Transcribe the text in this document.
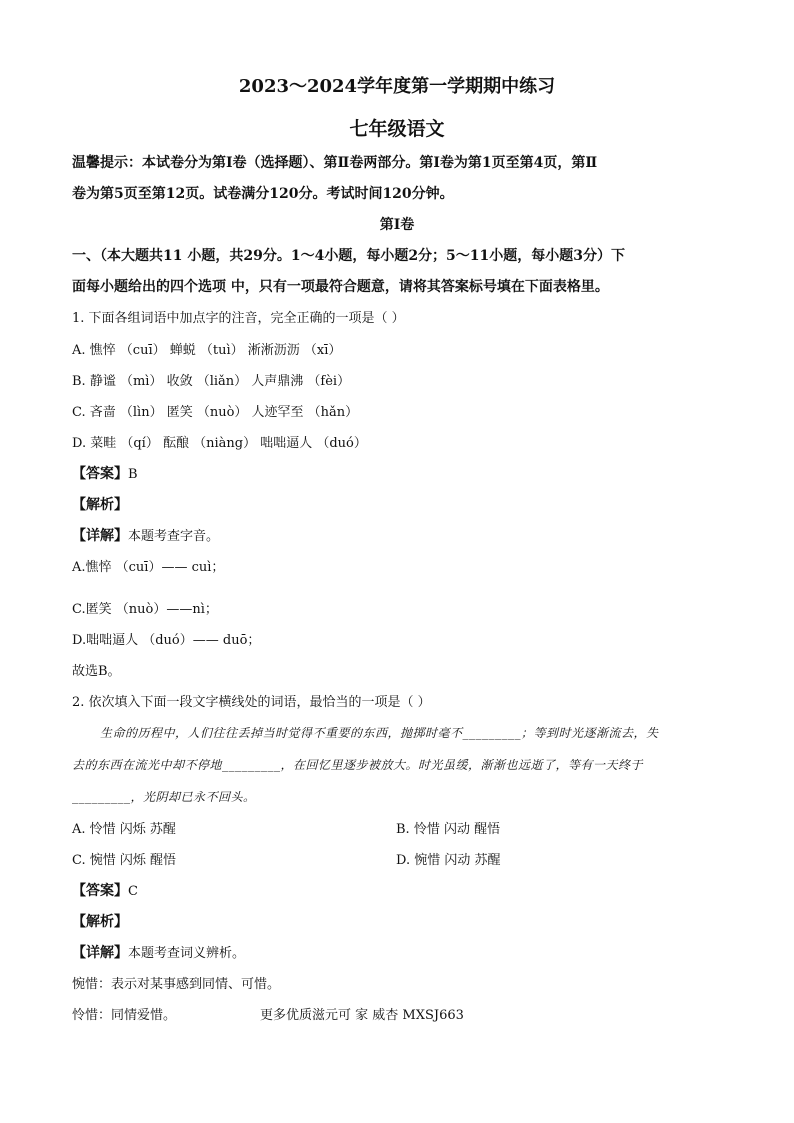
2023～2024学年度第一学期期中练习
七年级语文
温馨提示：本试卷分为第Ⅰ卷（选择题）、第Ⅱ卷两部分。第Ⅰ卷为第1页至第4页，第Ⅱ
卷为第5页至第12页。试卷满分120分。考试时间120分钟。
第Ⅰ卷
一、（本大题共11 小题，共29分。1～4小题，每小题2分；5～11小题，每小题3分）下
面每小题给出的四个选项 中，只有一项最符合题意，请将其答案标号填在下面表格里。
1. 下面各组词语中加点字的注音，完全正确的一项是（ ）
A. 憔悴 （cuī） 蝉蜕 （tuì） 淅淅沥沥 （xī）
B. 静谧 （mì） 收敛 （liǎn） 人声鼎沸 （fèi）
C. 吝啬 （lìn） 匿笑 （nuò） 人迹罕至 （hǎn）
D. 菜畦 （qí） 酝酿 （niàng） 咄咄逼人 （duó）
【答案】B
【解析】
【详解】本题考查字音。
A.憔悴 （cuī）—— cuì；
C.匿笑 （nuò）——nì；
D.咄咄逼人 （duó）—— duō；
故选B。
2. 依次填入下面一段文字横线处的词语，最恰当的一项是（ ）
生命的历程中，人们往往丢掉当时觉得不重要的东西，抛掷时毫不_________；等到时光逐渐流去，失
去的东西在流光中却不停地_________，在回忆里逐步被放大。时光虽缓，渐渐也远逝了，等有一天终于
_________，光阴却已永不回头。
A. 怜惜 闪烁 苏醒	B. 怜惜 闪动 醒悟
C. 惋惜 闪烁 醒悟	D. 惋惜 闪动 苏醒
【答案】C
【解析】
【详解】本题考查词义辨析。
惋惜：表示对某事感到同情、可惜。
怜惜：同情爱惜。	更多优质滋元可 家 威杏 MXSJ663
